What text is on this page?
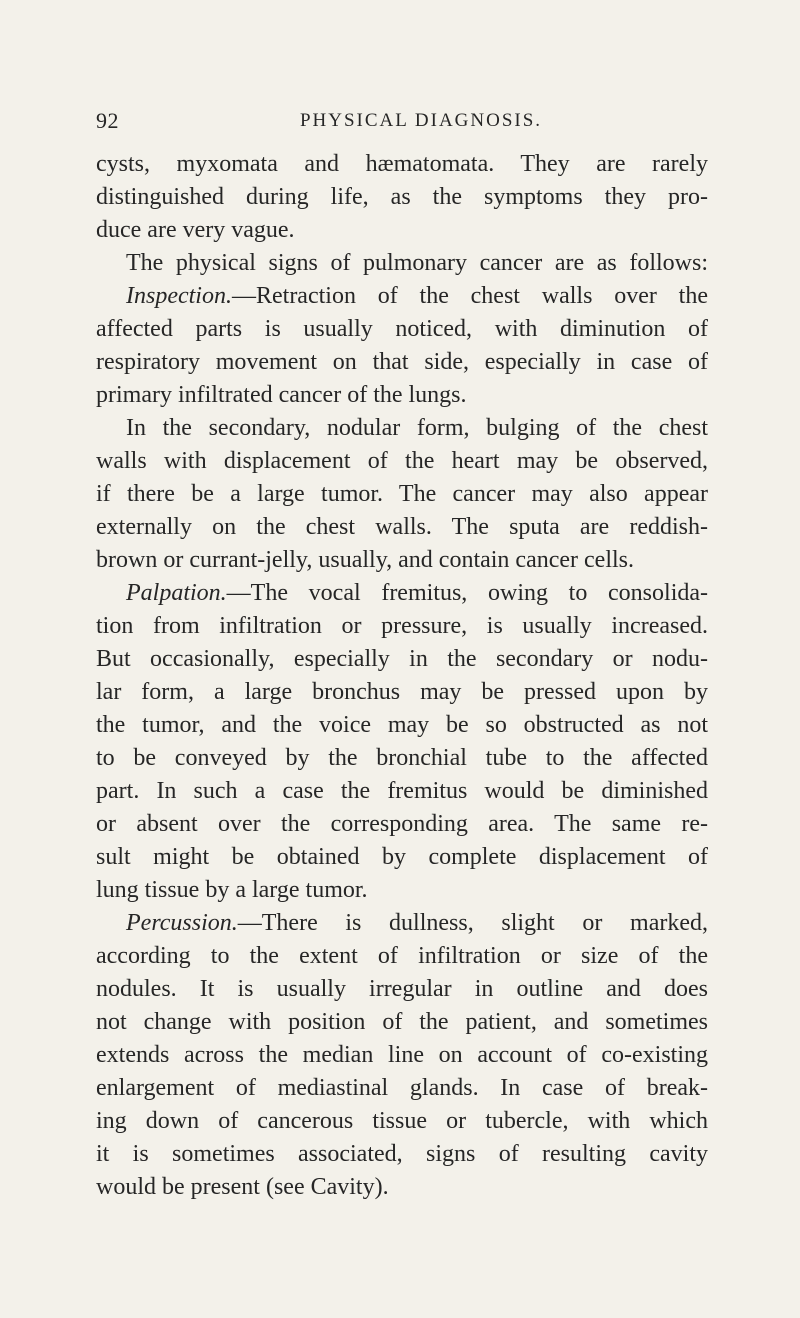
92	PHYSICAL DIAGNOSIS.
cysts, myxomata and hæmatomata. They are rarely
distinguished during life, as the symptoms they pro-
duce are very vague.
The physical signs of pulmonary cancer are as follows:
Inspection.—Retraction of the chest walls over the
affected parts is usually noticed, with diminution of
respiratory movement on that side, especially in case of
primary infiltrated cancer of the lungs.
In the secondary, nodular form, bulging of the chest
walls with displacement of the heart may be observed,
if there be a large tumor. The cancer may also appear
externally on the chest walls. The sputa are reddish-
brown or currant-jelly, usually, and contain cancer cells.
Palpation.—The vocal fremitus, owing to consolida-
tion from infiltration or pressure, is usually increased.
But occasionally, especially in the secondary or nodu-
lar form, a large bronchus may be pressed upon by
the tumor, and the voice may be so obstructed as not
to be conveyed by the bronchial tube to the affected
part. In such a case the fremitus would be diminished
or absent over the corresponding area. The same re-
sult might be obtained by complete displacement of
lung tissue by a large tumor.
Percussion.—There is dullness, slight or marked,
according to the extent of infiltration or size of the
nodules. It is usually irregular in outline and does
not change with position of the patient, and sometimes
extends across the median line on account of co-existing
enlargement of mediastinal glands. In case of break-
ing down of cancerous tissue or tubercle, with which
it is sometimes associated, signs of resulting cavity
would be present (see Cavity).
